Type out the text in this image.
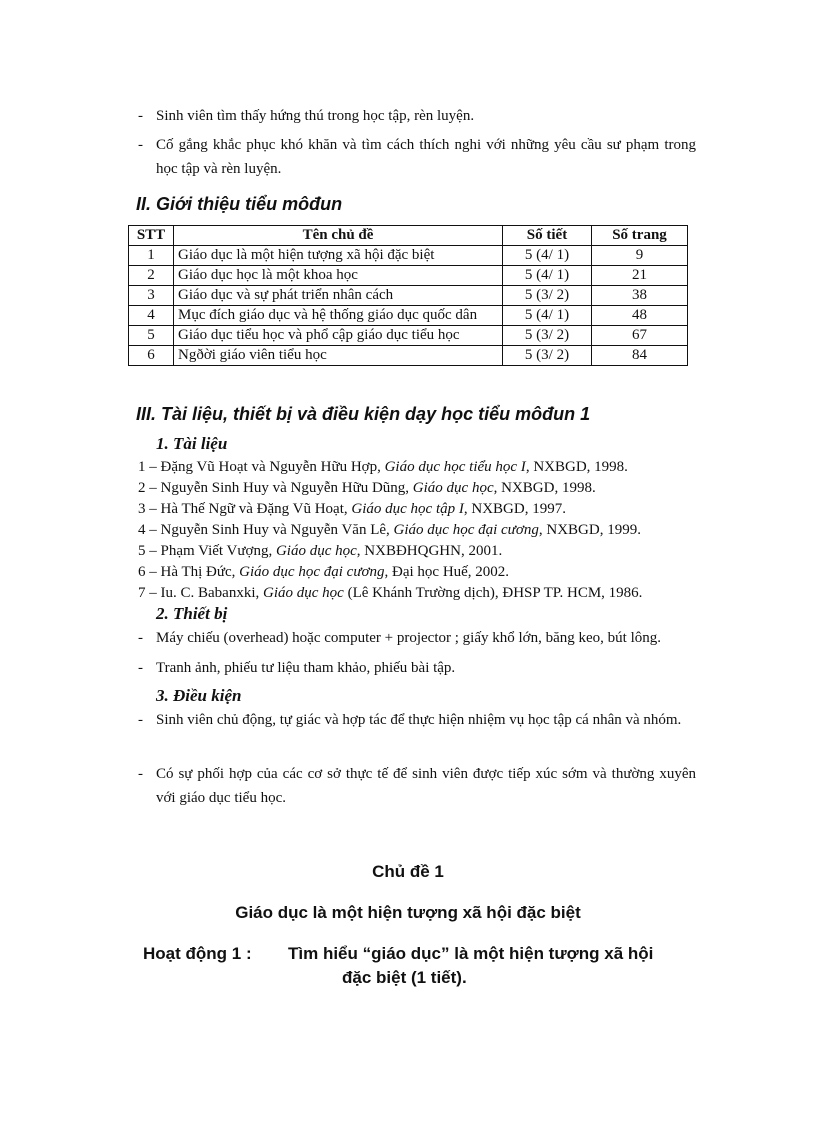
- Sinh viên tìm thấy hứng thú trong học tập, rèn luyện.
- Cố gắng khắc phục khó khăn và tìm cách thích nghi với những yêu cầu sư phạm trong học tập và rèn luyện.
II. Giới thiệu tiểu môđun
STT	Tên chủ đề	Số tiết	Số trang
1	Giáo dục là một hiện tượng xã hội đặc biệt	5 (4/ 1)	9
2	Giáo dục học là một khoa học	5 (4/ 1)	21
3	Giáo dục và sự phát triển nhân cách	5 (3/ 2)	38
4	Mục đích giáo dục và hệ thống giáo dục quốc dân	5 (4/ 1)	48
5	Giáo dục tiểu học và phổ cập giáo dục tiểu học	5 (3/ 2)	67
6	Ngðời giáo viên tiểu học	5 (3/ 2)	84
III. Tài liệu, thiết bị và điều kiện dạy học tiểu môđun 1
1. Tài liệu
1 – Đặng Vũ Hoạt và Nguyễn Hữu Hợp, Giáo dục học tiểu học I, NXBGD, 1998.
2 – Nguyễn Sinh Huy và Nguyễn Hữu Dũng, Giáo dục học, NXBGD, 1998.
3 – Hà Thế Ngữ và Đặng Vũ Hoạt, Giáo dục học tập I, NXBGD, 1997.
4 – Nguyễn Sinh Huy và Nguyễn Văn Lê, Giáo dục học đại cương, NXBGD, 1999.
5 – Phạm Viết Vượng, Giáo dục học, NXBĐHQGHN, 2001.
6 – Hà Thị Đức, Giáo dục học đại cương, Đại học Huế, 2002.
7 – Iu. C. Babanxki, Giáo dục học (Lê Khánh Trường dịch), ĐHSP TP. HCM, 1986.
2. Thiết bị
- Máy chiếu (overhead) hoặc computer + projector ; giấy khổ lớn, băng keo, bút lông.
- Tranh ảnh, phiếu tư liệu tham khảo, phiếu bài tập.
3. Điều kiện
- Sinh viên chủ động, tự giác và hợp tác để thực hiện nhiệm vụ học tập cá nhân và nhóm.
- Có sự phối hợp của các cơ sở thực tế để sinh viên được tiếp xúc sớm và thường xuyên với giáo dục tiểu học.
Chủ đề 1
Giáo dục là một hiện tượng xã hội đặc biệt
Hoạt động 1 : Tìm hiểu “giáo dục” là một hiện tượng xã hội
đặc biệt (1 tiết).
